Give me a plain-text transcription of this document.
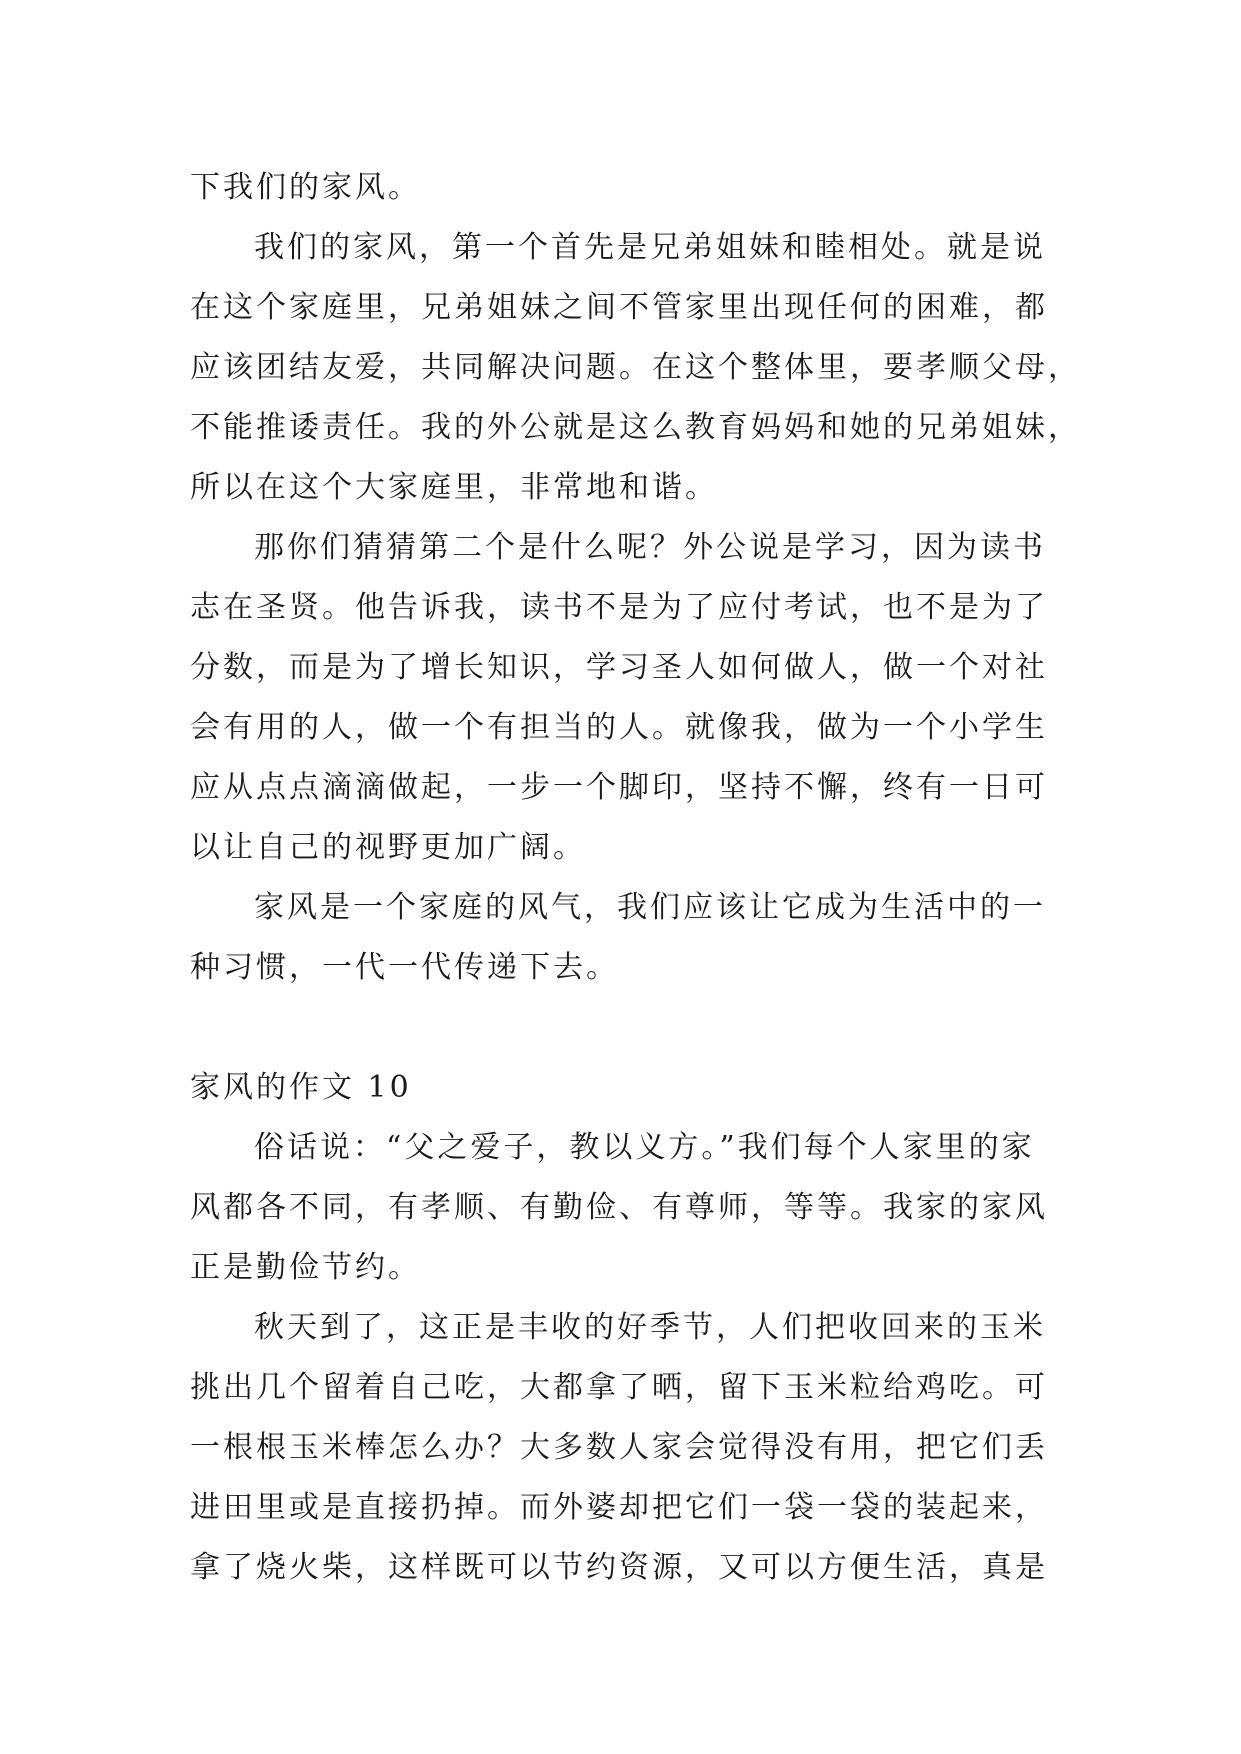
下我们的家风。
我们的家风，第一个首先是兄弟姐妹和睦相处。就是说
在这个家庭里，兄弟姐妹之间不管家里出现任何的困难，都
应该团结友爱，共同解决问题。在这个整体里，要孝顺父母，
不能推诿责任。我的外公就是这么教育妈妈和她的兄弟姐妹，
所以在这个大家庭里，非常地和谐。
那你们猜猜第二个是什么呢？外公说是学习，因为读书
志在圣贤。他告诉我，读书不是为了应付考试，也不是为了
分数，而是为了增长知识，学习圣人如何做人，做一个对社
会有用的人，做一个有担当的人。就像我，做为一个小学生
应从点点滴滴做起，一步一个脚印，坚持不懈，终有一日可
以让自己的视野更加广阔。
家风是一个家庭的风气，我们应该让它成为生活中的一
种习惯，一代一代传递下去。
家风的作文 10
俗话说：“父之爱子，教以义方。”我们每个人家里的家
风都各不同，有孝顺、有勤俭、有尊师，等等。我家的家风
正是勤俭节约。
秋天到了，这正是丰收的好季节，人们把收回来的玉米
挑出几个留着自己吃，大都拿了晒，留下玉米粒给鸡吃。可
一根根玉米棒怎么办？大多数人家会觉得没有用，把它们丢
进田里或是直接扔掉。而外婆却把它们一袋一袋的装起来，
拿了烧火柴，这样既可以节约资源，又可以方便生活，真是
